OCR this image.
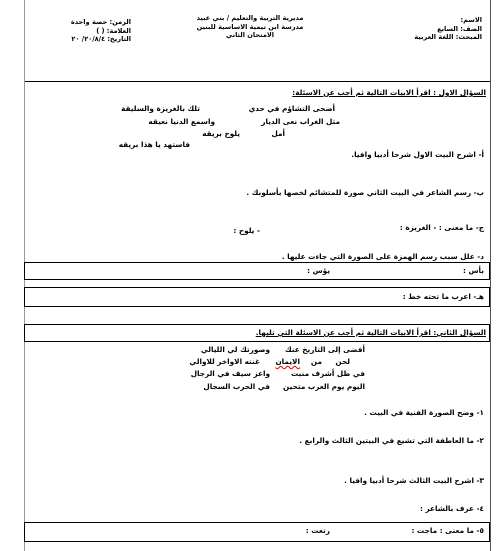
الاسم:
الصف: السابع
المبحث: اللغة العربية
مديرية التربية والتعليم / بني عبيد
مدرسة ابن تيمية الاساسية للبنين
الامتحان الثاني
الزمن: حصة واحدة
العلامة: ( )
التاريخ: ٢٠/٨/٤/ ٢٠
السؤال الاول : اقرأ الابيات التالية ثم أجب عن الاسئلة:
أضحى التشاؤم في حدي
تلك بالغريزة والسليقة
مثل الغراب نعى الديار
واسمع الدنيا نعيقه
أمل
يلوح بريقه
فاستهد يا هذا بريقه
أ- اشرح البيت الاول شرحا أدبيا وافيا.
ب- رسم الشاعر في البيت الثاني صورة للمتشائم لخصها بأسلوبك .
ج- ما معنى : - الغريزة :
- يلوح :
د- علل سبب رسم الهمزة على الصورة التي جاءت عليها .
بأس :
يؤس :
هـ- اعرب ما تحته خط :
السؤال الثاني: اقرأ الابيات التالية ثم أجب عن الاسئلة التي تليها.
أفضى إلى التاريخ عنك
وصورتك لي الليالي
لحن
من
الايمان
غنته الاواخر للاوالي
في ظل أشرف منبت
واعز سيف في الرجال
اليوم يوم العرب متحين
في الحرب السجال
١- وضح الصورة الفنية في البيت .
٢- ما العاطفة التي تشيع في البيتين الثالث والرابع .
٣- اشرح البيت الثالث شرحا أدبيا وافيا .
٤- عرف بالشاعر :
٥- ما معنى : ماجت :
رتعت :
